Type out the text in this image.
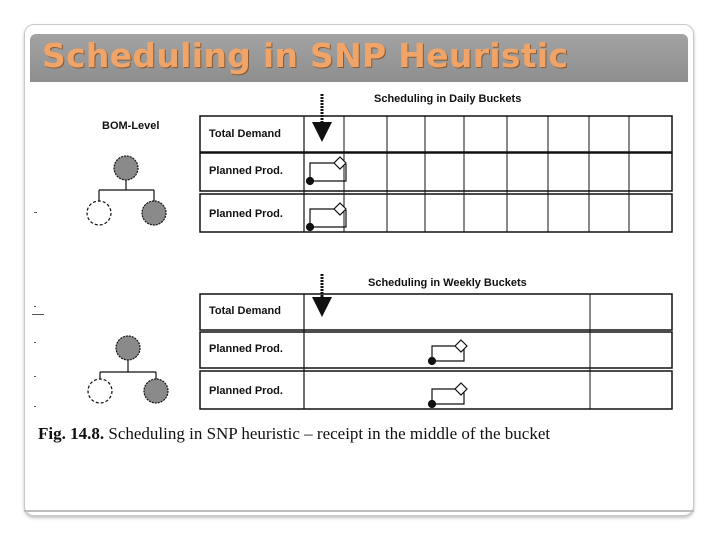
Scheduling in SNP Heuristic
Scheduling in Daily Buckets
BOM-Level
Total Demand
Planned Prod.
Planned Prod.
Scheduling in Weekly Buckets
Total Demand
Planned Prod.
Planned Prod.
Fig. 14.8. Scheduling in SNP heuristic – receipt in the middle of the bucket
